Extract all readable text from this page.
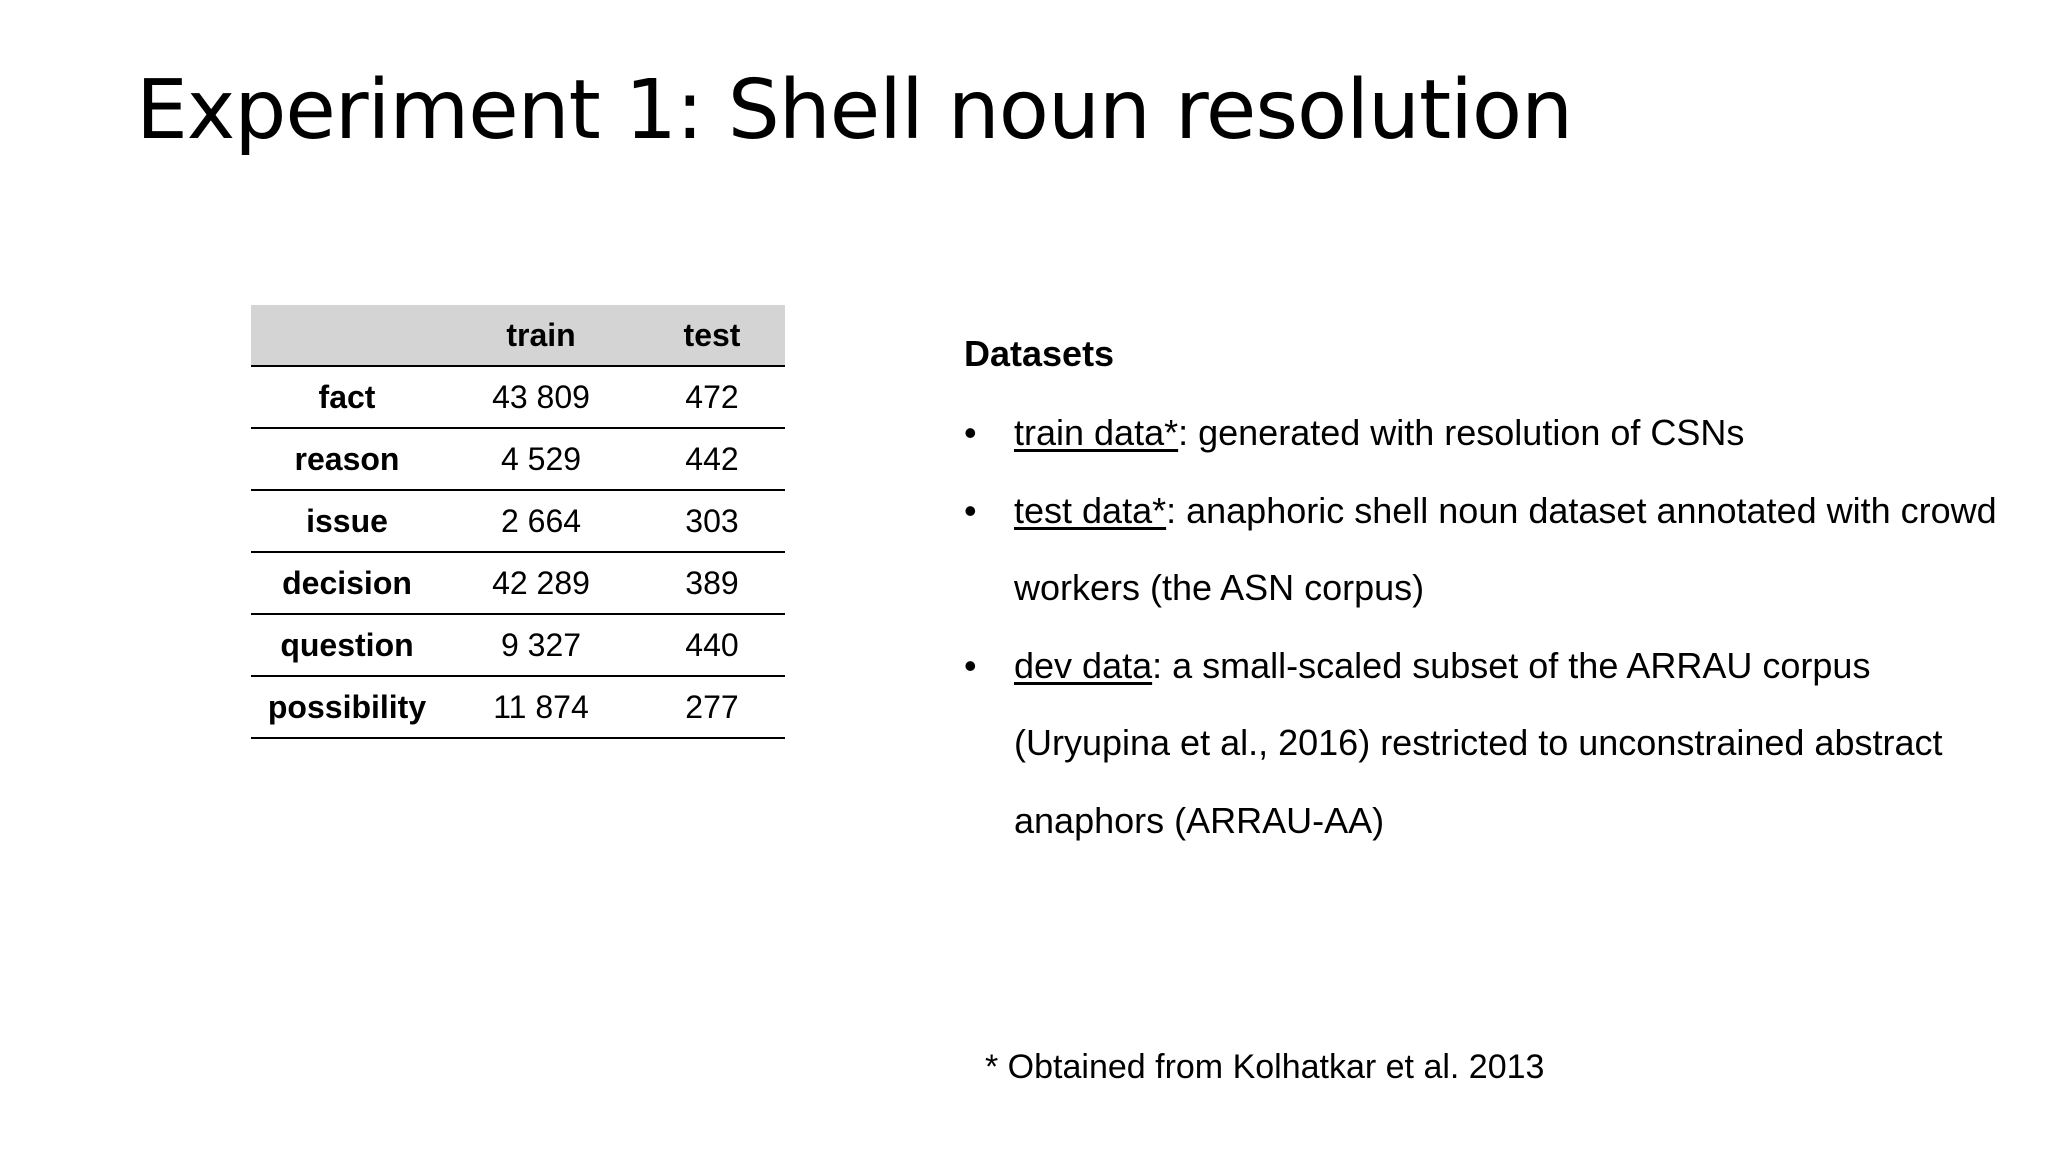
Experiment 1: Shell noun resolution
	train	test
fact	43 809	472
reason	4 529	442
issue	2 664	303
decision	42 289	389
question	9 327	440
possibility	11 874	277
Datasets
• train data*: generated with resolution of CSNs
• test data*: anaphoric shell noun dataset annotated with crowd workers (the ASN corpus)
• dev data: a small-scaled subset of the ARRAU corpus (Uryupina et al., 2016) restricted to unconstrained abstract anaphors (ARRAU-AA)
* Obtained from Kolhatkar et al. 2013
